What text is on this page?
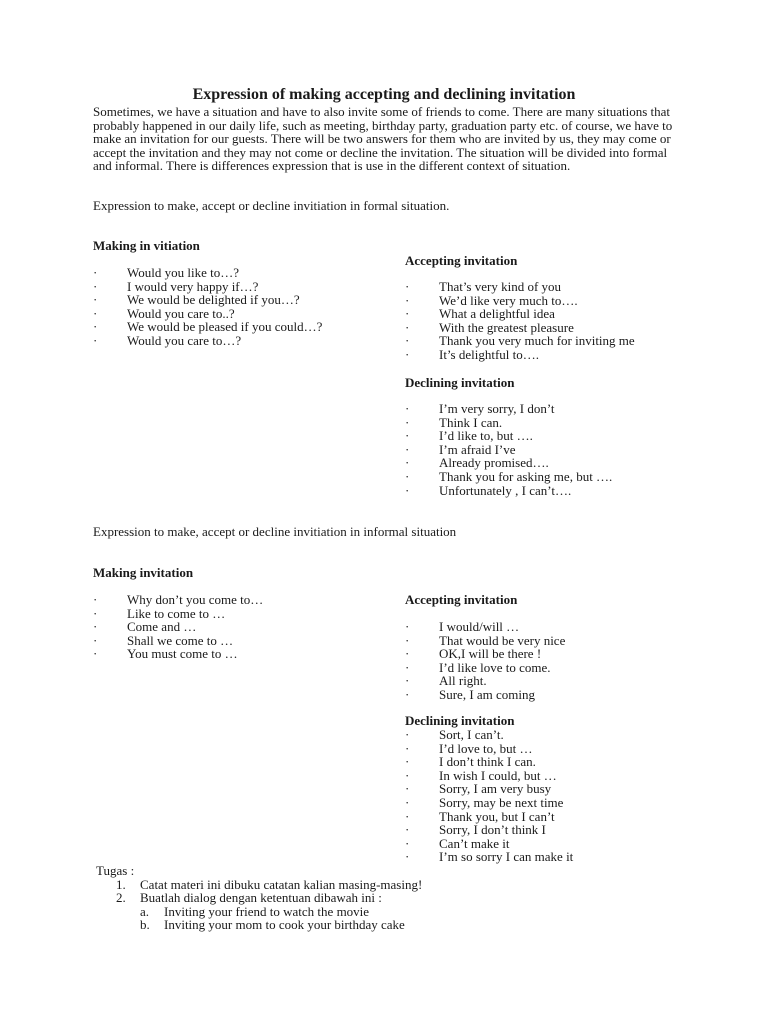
Expression of making accepting and declining invitation
Sometimes, we have a situation and have to also invite some of friends to come. There are many situations that probably happened in our daily life, such as meeting, birthday party, graduation party etc. of course, we have to make an invitation for our guests. There will be two answers for them who are invited by us, they may come or accept the invitation and they may not come or decline the invitation. The situation will be divided into formal and informal. There is differences expression that is use in the different context of situation.
Expression to make, accept or decline invitiation in formal situation.
Making in vitiation
· Would you like to…?
· I would very happy if…?
· We would be delighted if you…?
· Would you care to..?
· We would be pleased if you could…?
· Would you care to…?
Accepting invitation
· That’s very kind of you
· We’d like very much to….
· What a delightful idea
· With the greatest pleasure
· Thank you very much for inviting me
· It’s delightful to….
Declining invitation
· I’m very sorry, I don’t
· Think I can.
· I’d like to, but ….
· I’m afraid I’ve
· Already promised….
· Thank you for asking me, but ….
· Unfortunately , I can’t….
Expression to make, accept or decline invitiation in informal situation
Making invitation
· Why don’t you come to…
· Like to come to …
· Come and …
· Shall we come to …
· You must come to …
Accepting invitation
· I would/will …
· That would be very nice
· OK,I will be there !
· I’d like love to come.
· All right.
· Sure, I am coming
Declining invitation
· Sort, I can’t.
· I’d love to, but …
· I don’t think I can.
· In wish I could, but …
· Sorry, I am very busy
· Sorry, may be next time
· Thank you, but I can’t
· Sorry, I don’t think I
· Can’t make it
· I’m so sorry I can make it
Tugas :
1. Catat materi ini dibuku catatan kalian masing-masing!
2. Buatlah dialog dengan ketentuan dibawah ini :
a. Inviting your friend to watch the movie
b. Inviting your mom to cook your birthday cake
